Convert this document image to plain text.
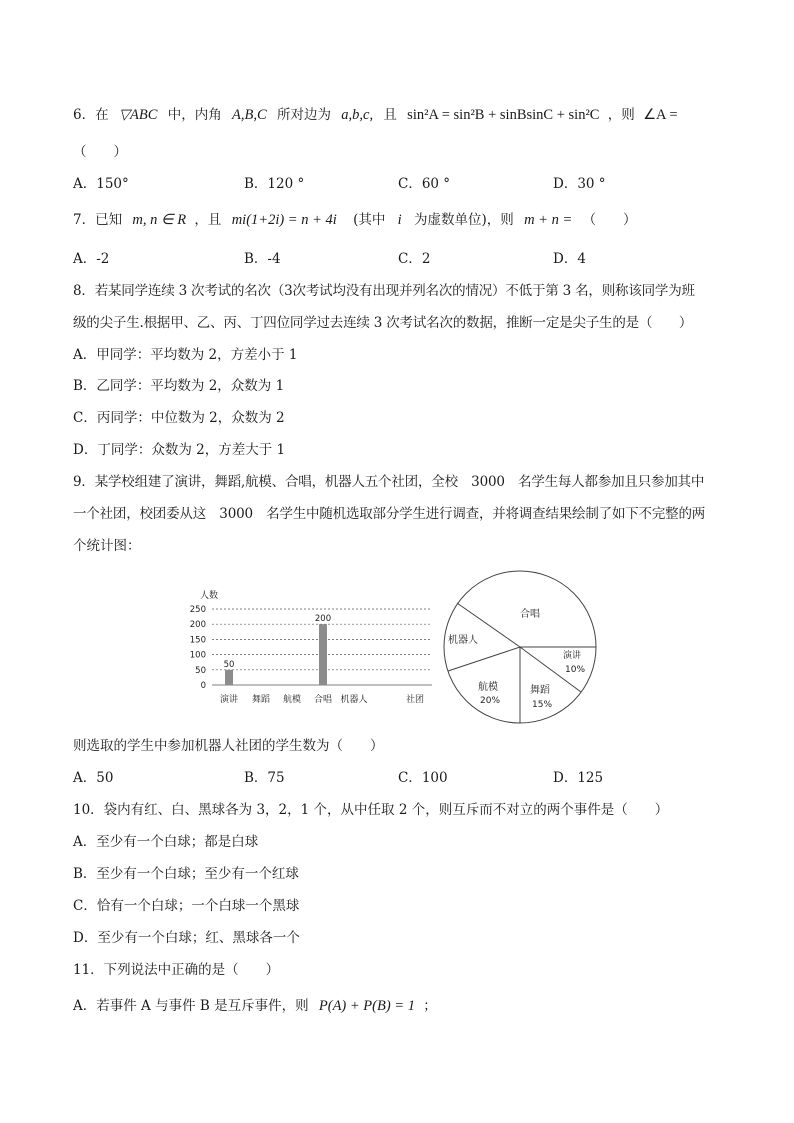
6．在 ▽ABC 中，内角 A,B,C 所对边为 a,b,c, 且 sin²A = sin²B + sinBsinC + sin²C ，则 ∠A =
（　　）
A．150°	B．120 °	C．60 °	D．30 °
7．已知 m, n ∈ R ，且 mi(1+2i) = n + 4i (其中 i 为虚数单位)，则 m + n = （　　）
A．-2	B．-4	C．2	D．4
8．若某同学连续 3 次考试的名次（3次考试均没有出现并列名次的情况）不低于第 3 名，则称该同学为班
级的尖子生.根据甲、乙、丙、丁四位同学过去连续 3 次考试名次的数据，推断一定是尖子生的是（　　）
A．甲同学：平均数为 2，方差小于 1
B．乙同学：平均数为 2，众数为 1
C．丙同学：中位数为 2，众数为 2
D．丁同学：众数为 2，方差大于 1
9．某学校组建了演讲，舞蹈,航模、合唱，机器人五个社团，全校　3000　名学生每人都参加且只参加其中
一个社团，校团委从这　3000　名学生中随机选取部分学生进行调查，并将调查结果绘制了如下不完整的两
个统计图：
人数
0
50
100
150
200
250
50
200
演讲 舞蹈 航模 合唱 机器人	社团
合唱
演讲
10%
舞蹈
15%
航模
20%
机器人
则选取的学生中参加机器人社团的学生数为（　　）
A．50	B．75	C．100	D．125
10．袋内有红、白、黑球各为 3，2，1 个，从中任取 2 个，则互斥而不对立的两个事件是（　　）
A．至少有一个白球；都是白球
B．至少有一个白球；至少有一个红球
C．恰有一个白球；一个白球一个黑球
D．至少有一个白球；红、黑球各一个
11．下列说法中正确的是（　　）
A．若事件 A 与事件 B 是互斥事件，则 P(A) + P(B) = 1 ；
